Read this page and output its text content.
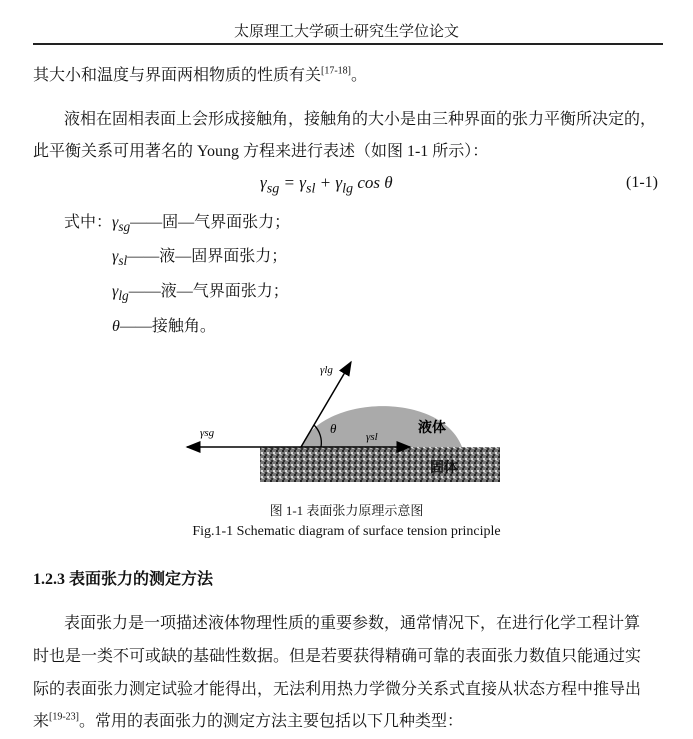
太原理工大学硕士研究生学位论文
其大小和温度与界面两相物质的性质有关[17-18]。
液相在固相表面上会形成接触角，接触角的大小是由三种界面的张力平衡所决定的，
此平衡关系可用著名的 Young 方程来进行表述（如图 1-1 所示）：
$\gamma_{sg} = \gamma_{sl} + \gamma_{lg}$ cos θ	(1-1)
式中： $\gamma_{sg}——$固—气界面张力；
$\gamma_{sl}——$液—固界面张力；
$\gamma_{lg}——$液—气界面张力；
θ——接触角。
γlg
γsg	γsl
θ	液体
固体
图 1-1 表面张力原理示意图
Fig.1-1 Schematic diagram of surface tension principle
1.2.3 表面张力的测定方法
表面张力是一项描述液体物理性质的重要参数，通常情况下，在进行化学工程计算
时也是一类不可或缺的基础性数据。但是若要获得精确可靠的表面张力数值只能通过实
际的表面张力测定试验才能得出，无法利用热力学微分关系式直接从状态方程中推导出
来[19-23]。常用的表面张力的测定方法主要包括以下几种类型：
